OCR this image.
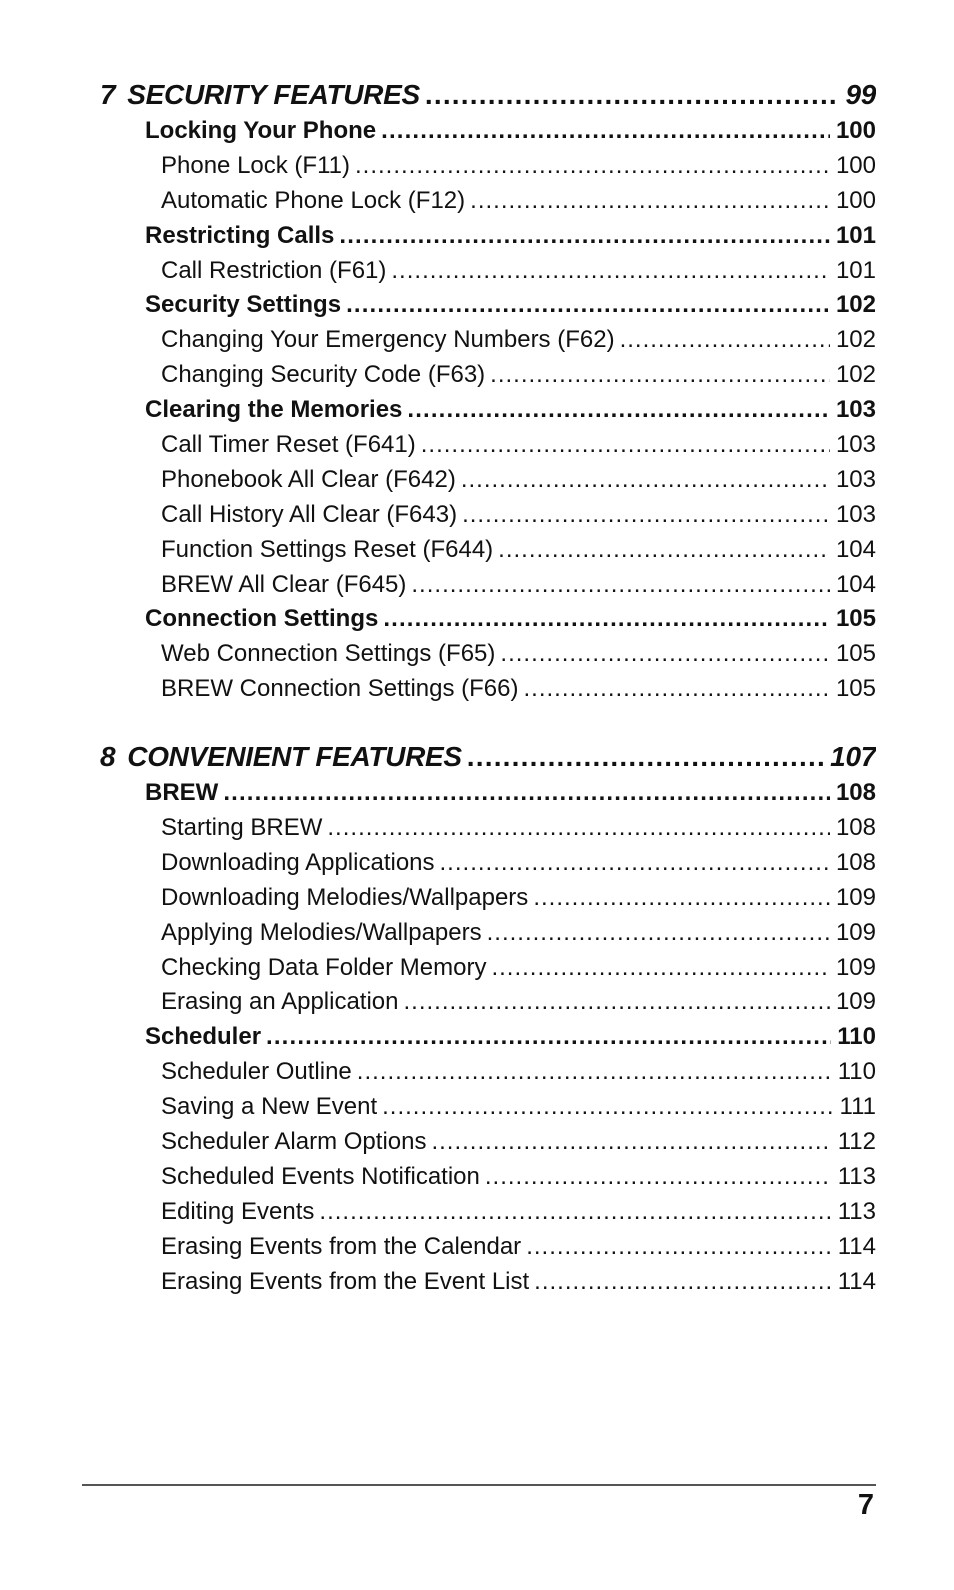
7 SECURITY FEATURES .....	99
Locking Your Phone .....	100
Phone Lock (F11) .....	100
Automatic Phone Lock (F12) .....	100
Restricting Calls .....	101
Call Restriction (F61) .....	101
Security Settings .....	102
Changing Your Emergency Numbers (F62) .....	102
Changing Security Code (F63) .....	102
Clearing the Memories .....	103
Call Timer Reset (F641) .....	103
Phonebook All Clear (F642) .....	103
Call History All Clear (F643) .....	103
Function Settings Reset (F644) .....	104
BREW All Clear (F645) .....	104
Connection Settings .....	105
Web Connection Settings (F65) .....	105
BREW Connection Settings (F66) .....	105
8 CONVENIENT FEATURES .....	107
BREW .....	108
Starting BREW .....	108
Downloading Applications .....	108
Downloading Melodies/Wallpapers .....	109
Applying Melodies/Wallpapers .....	109
Checking Data Folder Memory .....	109
Erasing an Application .....	109
Scheduler .....	110
Scheduler Outline .....	110
Saving a New Event .....	111
Scheduler Alarm Options .....	112
Scheduled Events Notification .....	113
Editing Events .....	113
Erasing Events from the Calendar .....	114
Erasing Events from the Event List .....	114
7
